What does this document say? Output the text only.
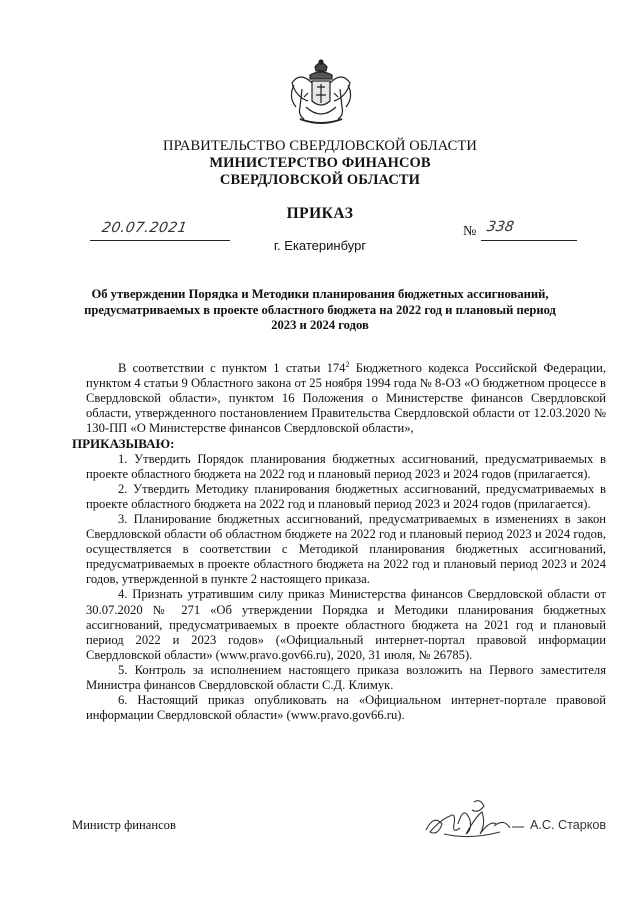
ПРАВИТЕЛЬСТВО СВЕРДЛОВСКОЙ ОБЛАСТИ
МИНИСТЕРСТВО ФИНАНСОВ
СВЕРДЛОВСКОЙ ОБЛАСТИ
ПРИКАЗ
20.07.2021	№ 338
г. Екатеринбург
Об утверждении Порядка и Методики планирования бюджетных ассигнований, предусматриваемых в проекте областного бюджета на 2022 год и плановый период 2023 и 2024 годов

В соответствии с пунктом 1 статьи $174^2$ Бюджетного кодекса Российской Федерации, пунктом 4 статьи 9 Областного закона от 25 ноября 1994 года № 8-ОЗ «О бюджетном процессе в Свердловской области», пунктом 16 Положения о Министерстве финансов Свердловской области, утвержденного постановлением Правительства Свердловской области от 12.03.2020 № 130-ПП «О Министерстве финансов Свердловской области»,

ПРИКАЗЫВАЮ:

1. Утвердить Порядок планирования бюджетных ассигнований, предусматриваемых в проекте областного бюджета на 2022 год и плановый период 2023 и 2024 годов (прилагается).

2. Утвердить Методику планирования бюджетных ассигнований, предусматриваемых в проекте областного бюджета на 2022 год и плановый период 2023 и 2024 годов (прилагается).

3. Планирование бюджетных ассигнований, предусматриваемых в изменениях в закон Свердловской области об областном бюджете на 2022 год и плановый период 2023 и 2024 годов, осуществляется в соответствии с Методикой планирования бюджетных ассигнований, предусматриваемых в проекте областного бюджета на 2022 год и плановый период 2023 и 2024 годов, утвержденной в пункте 2 настоящего приказа.

4. Признать утратившим силу приказ Министерства финансов Свердловской области от 30.07.2020 № 271 «Об утверждении Порядка и Методики планирования бюджетных ассигнований, предусматриваемых в проекте областного бюджета на 2021 год и плановый период 2022 и 2023 годов» («Официальный интернет-портал правовой информации Свердловской области» (www.pravo.gov66.ru), 2020, 31 июля, № 26785).

5. Контроль за исполнением настоящего приказа возложить на Первого заместителя Министра финансов Свердловской области С.Д. Климук.

6. Настоящий приказ опубликовать на «Официальном интернет-портале правовой информации Свердловской области» (www.pravo.gov66.ru).

Министр финансов	А.С. Старков
